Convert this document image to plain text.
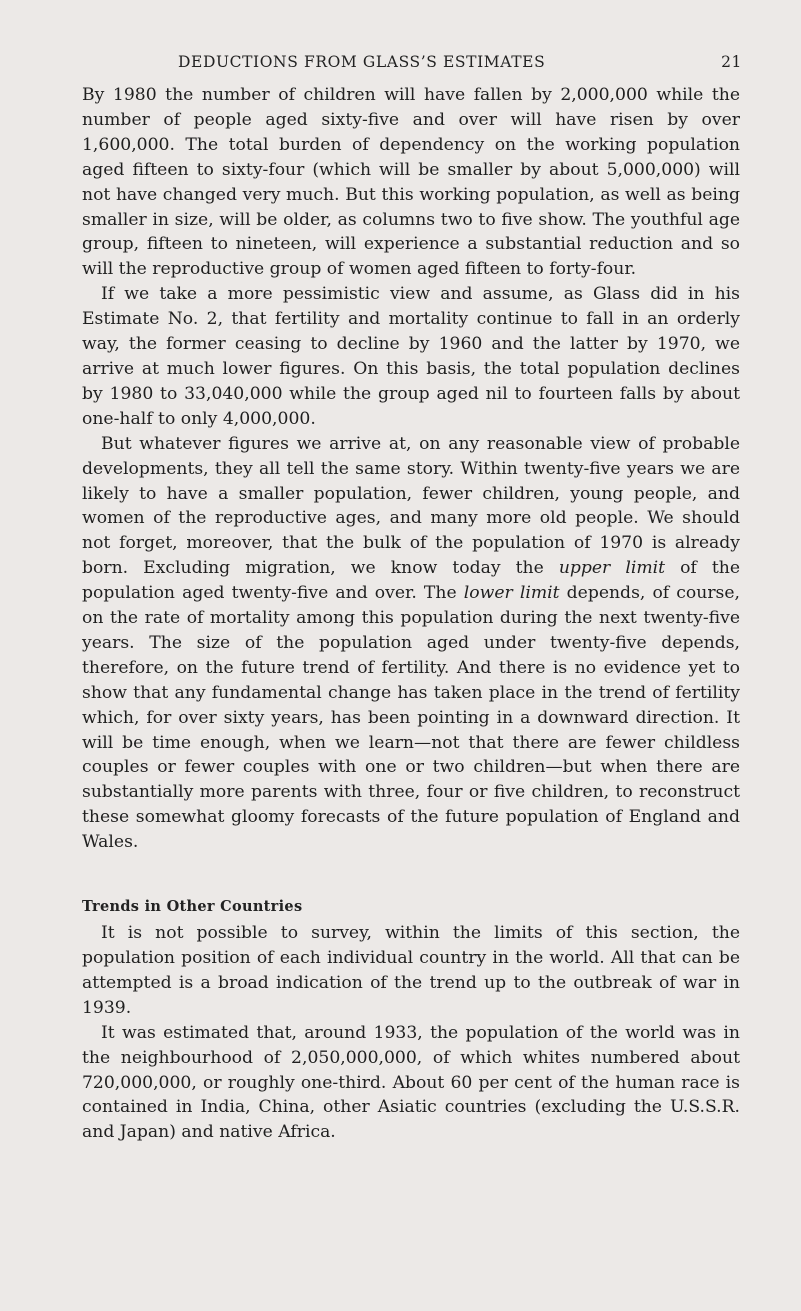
DEDUCTIONS FROM GLASS’S ESTIMATES	21

By 1980 the number of children will have fallen by 2,000,000 while the number of people aged sixty-five and over will have risen by over 1,600,000. The total burden of dependency on the working population aged fifteen to sixty-four (which will be smaller by about 5,000,000) will not have changed very much. But this working population, as well as being smaller in size, will be older, as columns two to five show. The youthful age group, fifteen to nineteen, will experience a substantial reduction and so will the reproductive group of women aged fifteen to forty-four.

If we take a more pessimistic view and assume, as Glass did in his Estimate No. 2, that fertility and mortality continue to fall in an orderly way, the former ceasing to decline by 1960 and the latter by 1970, we arrive at much lower figures. On this basis, the total population declines by 1980 to 33,040,000 while the group aged nil to fourteen falls by about one-half to only 4,000,000.

But whatever figures we arrive at, on any reasonable view of probable developments, they all tell the same story. Within twenty-five years we are likely to have a smaller population, fewer children, young people, and women of the reproductive ages, and many more old people. We should not forget, moreover, that the bulk of the population of 1970 is already born. Excluding migration, we know today the upper limit of the population aged twenty-five and over. The lower limit depends, of course, on the rate of mortality among this population during the next twenty-five years. The size of the population aged under twenty-five depends, therefore, on the future trend of fertility. And there is no evidence yet to show that any fundamental change has taken place in the trend of fertility which, for over sixty years, has been pointing in a downward direction. It will be time enough, when we learn—not that there are fewer childless couples or fewer couples with one or two children—but when there are substantially more parents with three, four or five children, to reconstruct these somewhat gloomy forecasts of the future population of England and Wales.

Trends in Other Countries

It is not possible to survey, within the limits of this section, the population position of each individual country in the world. All that can be attempted is a broad indication of the trend up to the outbreak of war in 1939.

It was estimated that, around 1933, the population of the world was in the neighbourhood of 2,050,000,000, of which whites numbered about 720,000,000, or roughly one-third. About 60 per cent of the human race is contained in India, China, other Asiatic countries (excluding the U.S.S.R. and Japan) and native Africa.
